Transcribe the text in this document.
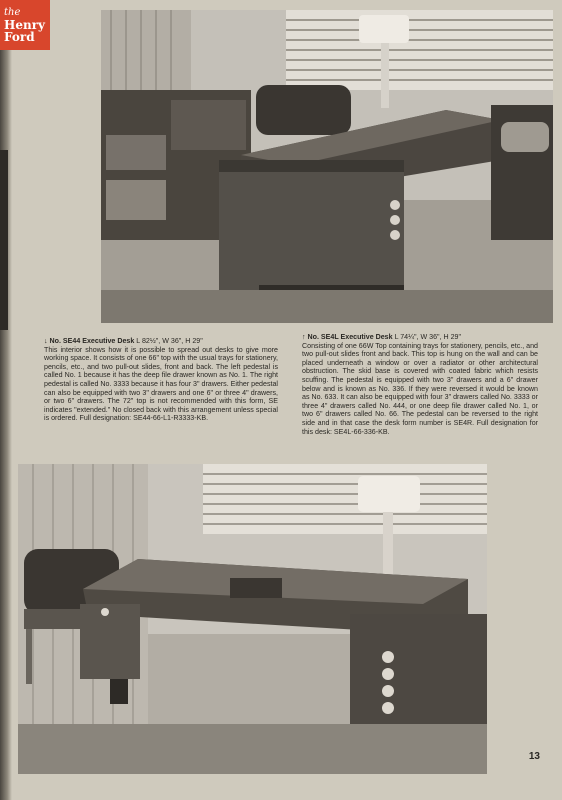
the
Henry
Ford
↓ No. SE44 Executive Desk L 82½", W 36", H 29"
This interior shows how it is possible to spread out desks to give more working space. It consists of one 66" top with the usual trays for stationery, pencils, etc., and two pull-out slides, front and back. The left pedestal is called No. 1 because it has the deep file drawer known as No. 1. The right pedestal is called No. 3333 because it has four 3" drawers. Either pedestal can also be equipped with two 3" drawers and one 6" or three 4" drawers, or two 6" drawers. The 72" top is not recommended with this form, SE indicates "extended." No closed back with this arrangement unless special is ordered. Full designation: SE44-66-L1-R3333-KB.
↑ No. SE4L Executive Desk L 74¼", W 36", H 29"
Consisting of one 66W Top containing trays for stationery, pencils, etc., and two pull-out slides front and back. This top is hung on the wall and can be placed underneath a window or over a radiator or other architectural obstruction. The skid base is covered with coated fabric which resists scuffing. The pedestal is equipped with two 3" drawers and a 6" drawer below and is known as No. 336. If they were reversed it would be known as No. 633. It can also be equipped with four 3" drawers called No. 3333 or three 4" drawers called No. 444, or one deep file drawer called No. 1, or two 6" drawers called No. 66. The pedestal can be reversed to the right side and in that case the desk form number is SE4R. Full designation for this desk: SE4L-66-336-KB.
13
